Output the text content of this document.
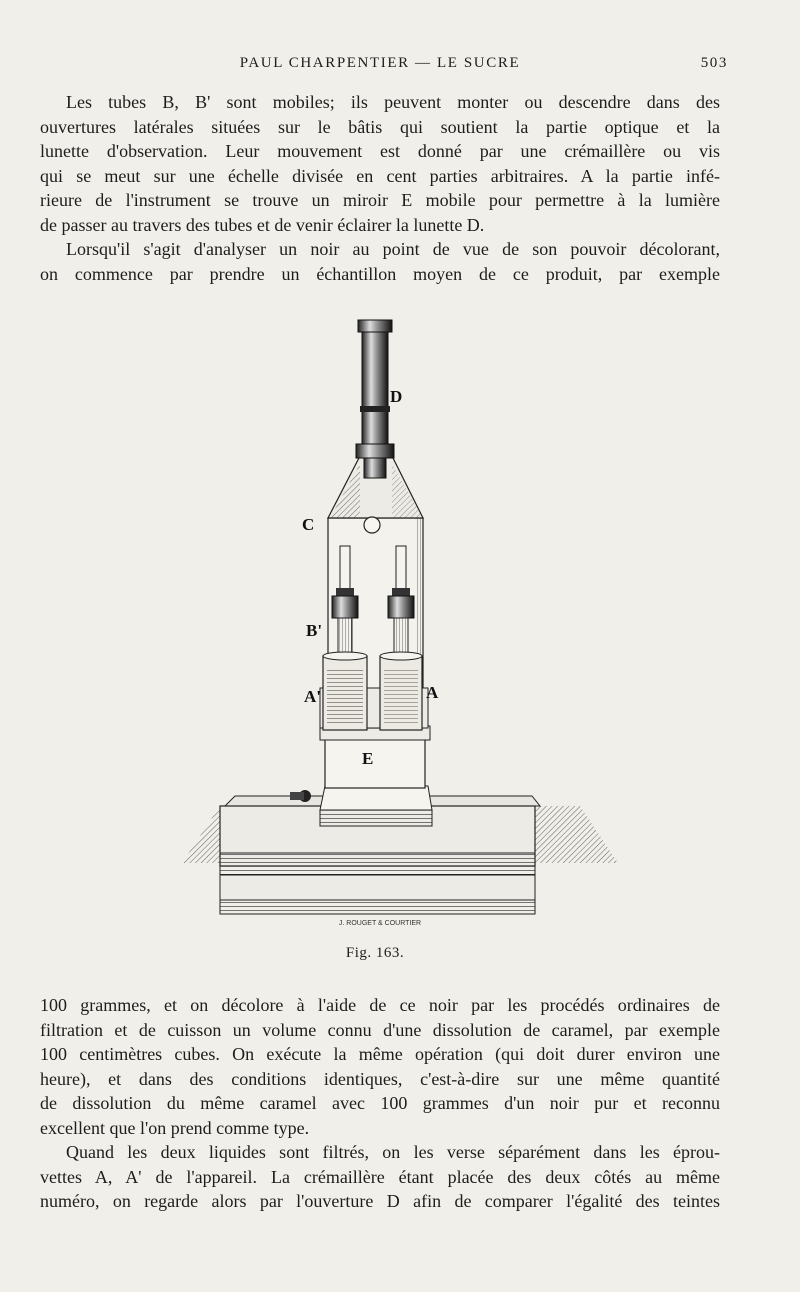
PAUL CHARPENTIER — LE SUCRE	503
Les tubes B, B' sont mobiles; ils peuvent monter ou descendre dans des
ouvertures latérales situées sur le bâtis qui soutient la partie optique et la
lunette d'observation. Leur mouvement est donné par une crémaillère ou vis
qui se meut sur une échelle divisée en cent parties arbitraires. A la partie infé-
rieure de l'instrument se trouve un miroir E mobile pour permettre à la lumière
de passer au travers des tubes et de venir éclairer la lunette D.
Lorsqu'il s'agit d'analyser un noir au point de vue de son pouvoir décolorant,
on commence par prendre un échantillon moyen de ce produit, par exemple
J. ROUGET & COURTIER
D
C
B'
A'	A
E
Fig. 163.
100 grammes, et on décolore à l'aide de ce noir par les procédés ordinaires de
filtration et de cuisson un volume connu d'une dissolution de caramel, par exemple
100 centimètres cubes. On exécute la même opération (qui doit durer environ une
heure), et dans des conditions identiques, c'est-à-dire sur une même quantité
de dissolution du même caramel avec 100 grammes d'un noir pur et reconnu
excellent que l'on prend comme type.
Quand les deux liquides sont filtrés, on les verse séparément dans les éprou-
vettes A, A' de l'appareil. La crémaillère étant placée des deux côtés au même
numéro, on regarde alors par l'ouverture D afin de comparer l'égalité des teintes
